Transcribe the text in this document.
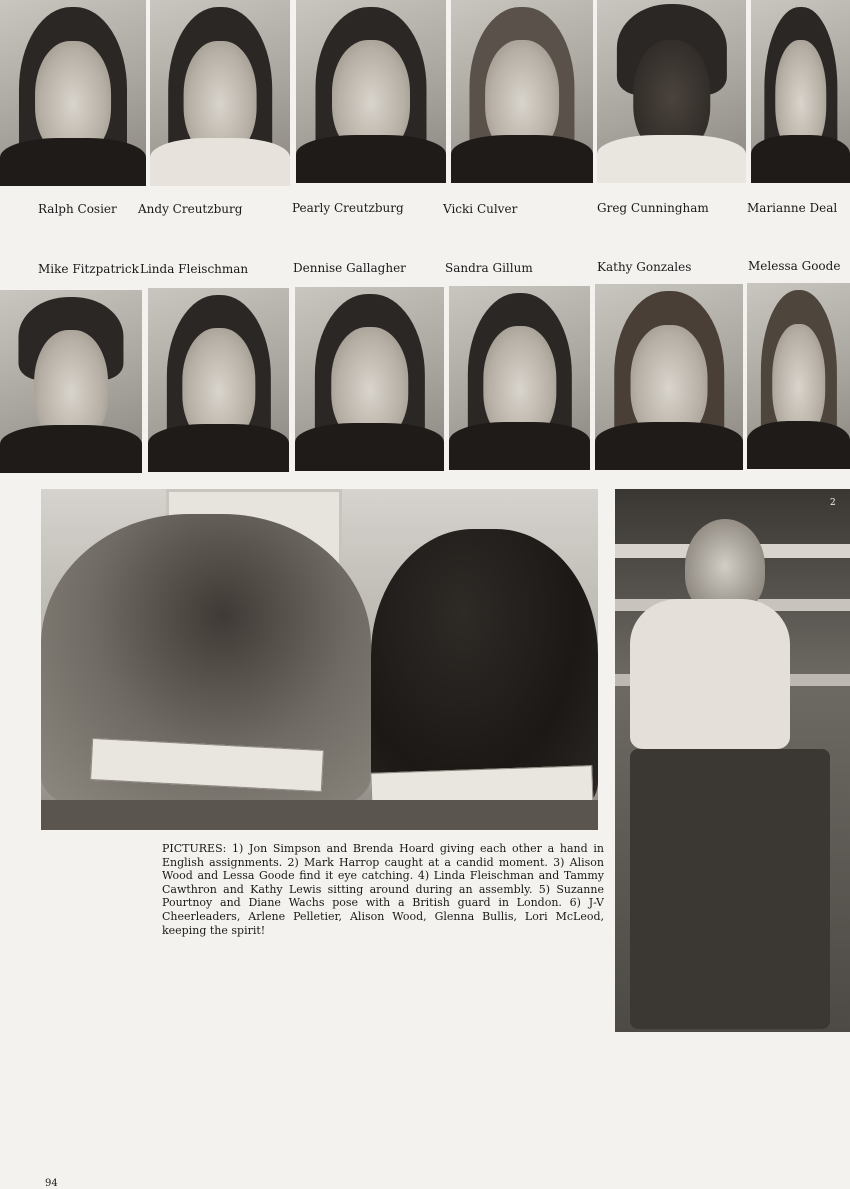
Ralph Cosier Andy Creutzburg	Pearly Creutzburg	Vicki Culver	Greg Cunningham	Marianne Deal
Mike Fitzpatrick Linda Fleischman	Dennise Gallagher	Sandra Gillum	Kathy Gonzales	Melessa Goode
2
PICTURES: 1) Jon Simpson and Brenda Hoard giving each other a hand in English assignments. 2) Mark Harrop caught at a candid moment. 3) Alison Wood and Lessa Goode find it eye catching. 4) Linda Fleischman and Tammy Cawthron and Kathy Lewis sitting around during an assembly. 5) Suzanne Pourtnoy and Diane Wachs pose with a British guard in London. 6) J-V Cheerleaders, Arlene Pelletier, Alison Wood, Glenna Bullis, Lori McLeod, keeping the spirit!
94
